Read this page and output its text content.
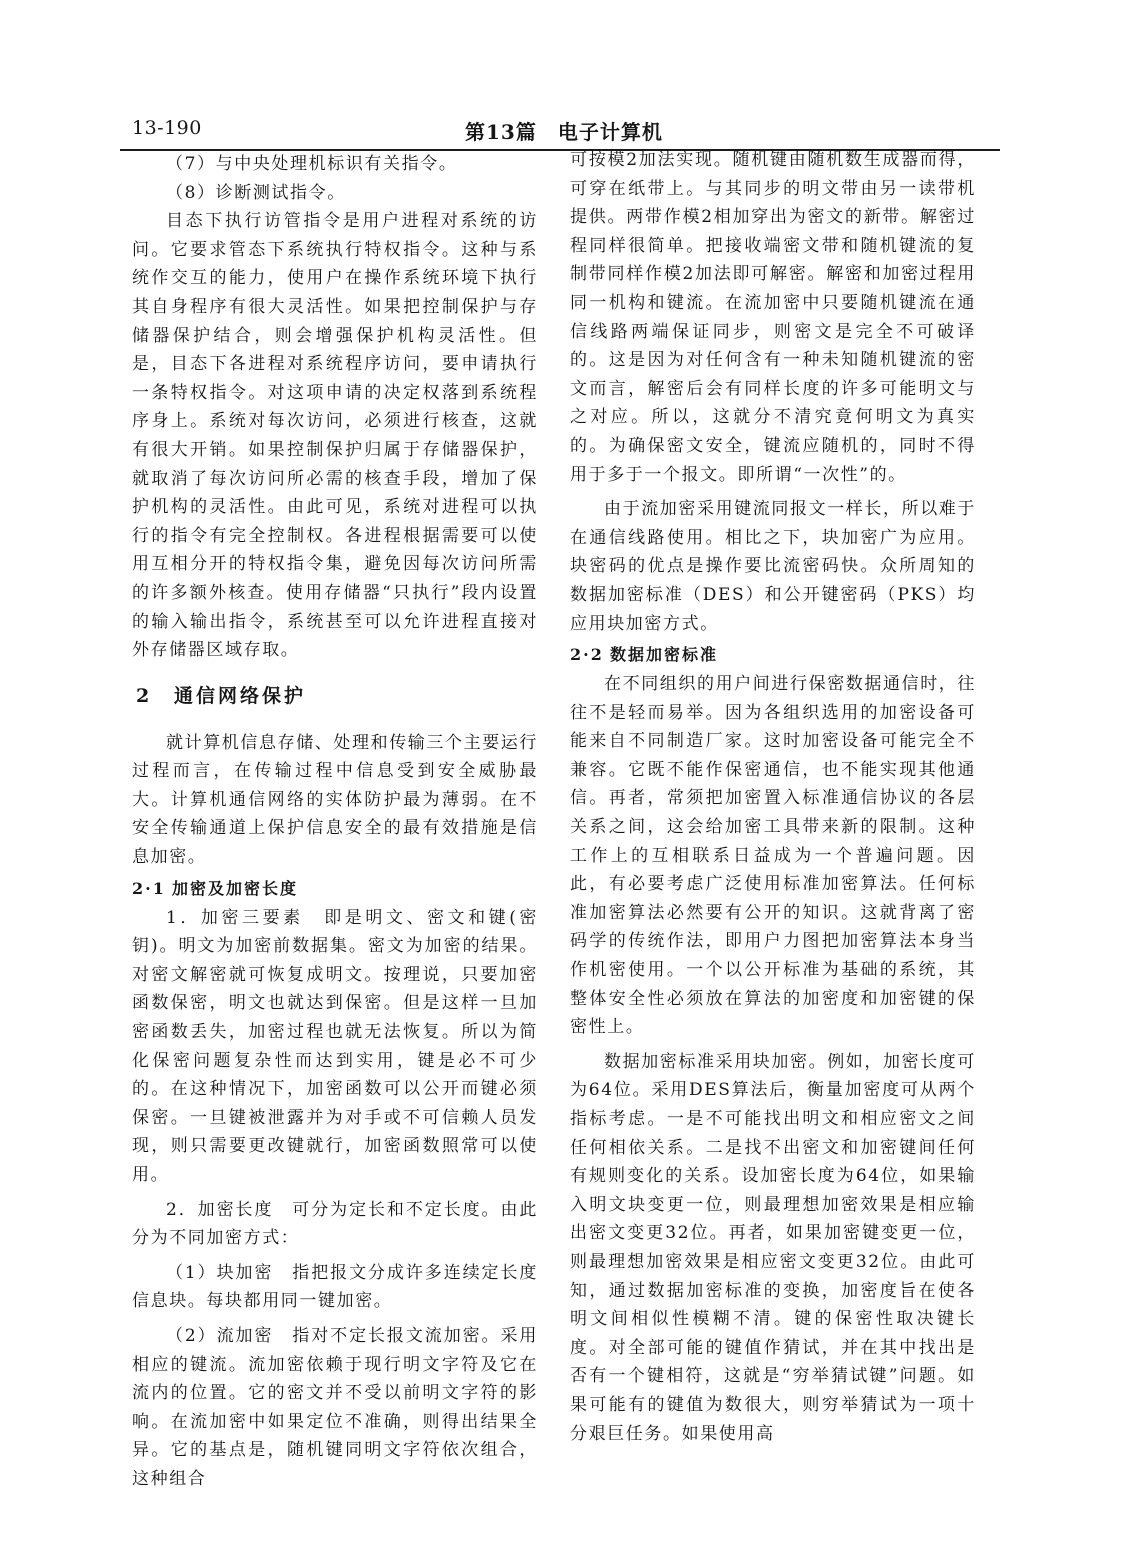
13-190	第13篇　电子计算机

（7）与中央处理机标识有关指令。

（8）诊断测试指令。

目态下执行访管指令是用户进程对系统的访问。它要求管态下系统执行特权指令。这种与系统作交互的能力，使用户在操作系统环境下执行其自身程序有很大灵活性。如果把控制保护与存储器保护结合，则会增强保护机构灵活性。但是，目态下各进程对系统程序访问，要申请执行一条特权指令。对这项申请的决定权落到系统程序身上。系统对每次访问，必须进行核查，这就有很大开销。如果控制保护归属于存储器保护，就取消了每次访问所必需的核查手段，增加了保护机构的灵活性。由此可见，系统对进程可以执行的指令有完全控制权。各进程根据需要可以使用互相分开的特权指令集，避免因每次访问所需的许多额外核查。使用存储器“只执行”段内设置的输入输出指令，系统甚至可以允许进程直接对外存储器区域存取。

2 通信网络保护

就计算机信息存储、处理和传输三个主要运行过程而言，在传输过程中信息受到安全威胁最大。计算机通信网络的实体防护最为薄弱。在不安全传输通道上保护信息安全的最有效措施是信息加密。

2·1 加密及加密长度

1．加密三要素　即是明文、密文和键(密钥)。明文为加密前数据集。密文为加密的结果。对密文解密就可恢复成明文。按理说，只要加密函数保密，明文也就达到保密。但是这样一旦加密函数丢失，加密过程也就无法恢复。所以为简化保密问题复杂性而达到实用，键是必不可少的。在这种情况下，加密函数可以公开而键必须保密。一旦键被泄露并为对手或不可信赖人员发现，则只需要更改键就行，加密函数照常可以使用。

2．加密长度　可分为定长和不定长度。由此分为不同加密方式：

（1）块加密　指把报文分成许多连续定长度信息块。每块都用同一键加密。

（2）流加密　指对不定长报文流加密。采用相应的键流。流加密依赖于现行明文字符及它在流内的位置。它的密文并不受以前明文字符的影响。在流加密中如果定位不准确，则得出结果全异。它的基点是，随机键同明文字符依次组合，这种组合

可按模2加法实现。随机键由随机数生成器而得，可穿在纸带上。与其同步的明文带由另一读带机提供。两带作模2相加穿出为密文的新带。解密过程同样很简单。把接收端密文带和随机键流的复制带同样作模2加法即可解密。解密和加密过程用同一机构和键流。在流加密中只要随机键流在通信线路两端保证同步，则密文是完全不可破译的。这是因为对任何含有一种未知随机键流的密文而言，解密后会有同样长度的许多可能明文与之对应。所以，这就分不清究竟何明文为真实的。为确保密文安全，键流应随机的，同时不得用于多于一个报文。即所谓“一次性”的。

由于流加密采用键流同报文一样长，所以难于在通信线路使用。相比之下，块加密广为应用。块密码的优点是操作要比流密码快。众所周知的数据加密标准（DES）和公开键密码（PKS）均应用块加密方式。

2·2 数据加密标准

在不同组织的用户间进行保密数据通信时，往往不是轻而易举。因为各组织选用的加密设备可能来自不同制造厂家。这时加密设备可能完全不兼容。它既不能作保密通信，也不能实现其他通信。再者，常须把加密置入标准通信协议的各层关系之间，这会给加密工具带来新的限制。这种工作上的互相联系日益成为一个普遍问题。因此，有必要考虑广泛使用标准加密算法。任何标准加密算法必然要有公开的知识。这就背离了密码学的传统作法，即用户力图把加密算法本身当作机密使用。一个以公开标准为基础的系统，其整体安全性必须放在算法的加密度和加密键的保密性上。

数据加密标准采用块加密。例如，加密长度可为64位。采用DES算法后，衡量加密度可从两个指标考虑。一是不可能找出明文和相应密文之间任何相依关系。二是找不出密文和加密键间任何有规则变化的关系。设加密长度为64位，如果输入明文块变更一位，则最理想加密效果是相应输出密文变更32位。再者，如果加密键变更一位，则最理想加密效果是相应密文变更32位。由此可知，通过数据加密标准的变换，加密度旨在使各明文间相似性模糊不清。键的保密性取决键长度。对全部可能的键值作猜试，并在其中找出是否有一个键相符，这就是“穷举猜试键”问题。如果可能有的键值为数很大，则穷举猜试为一项十分艰巨任务。如果使用高
